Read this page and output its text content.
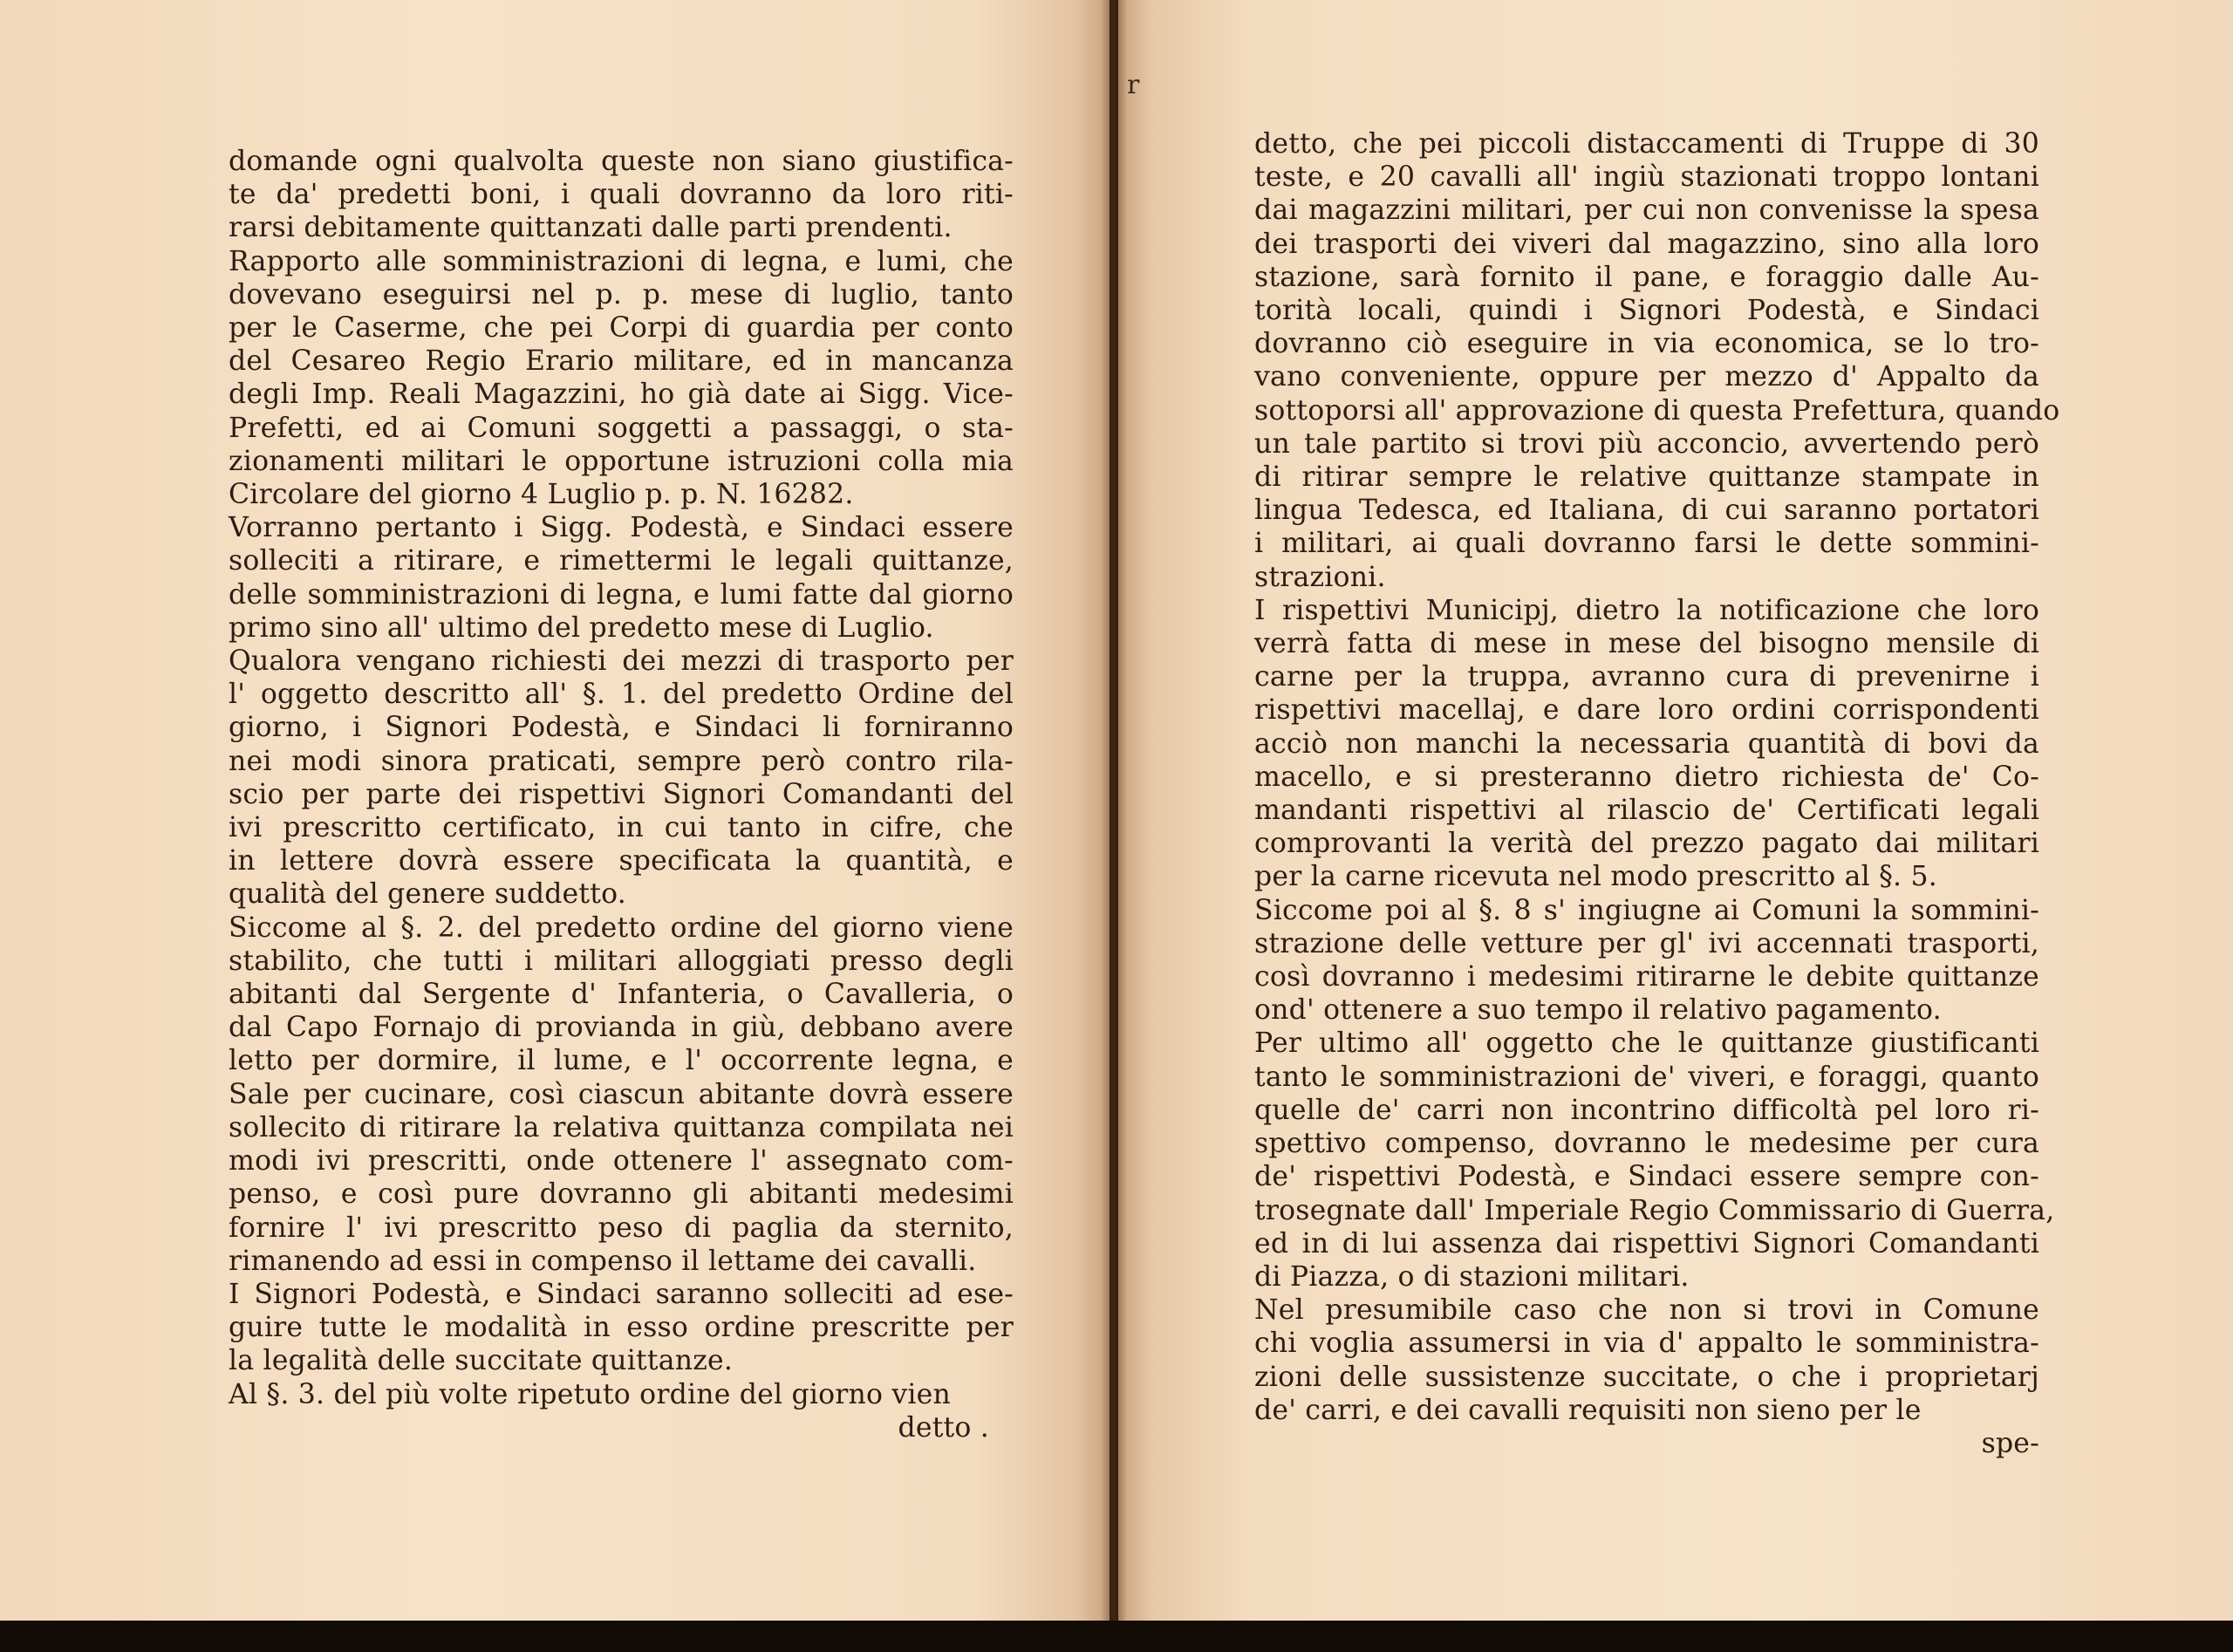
domande ogni qualvolta queste non siano giustifica-
te da' predetti boni, i quali dovranno da loro riti-
rarsi debitamente quittanzati dalle parti prendenti.
Rapporto alle somministrazioni di legna, e lumi, che
dovevano eseguirsi nel p. p. mese di luglio, tanto
per le Caserme, che pei Corpi di guardia per conto
del Cesareo Regio Erario militare, ed in mancanza
degli Imp. Reali Magazzini, ho già date ai Sigg. Vice-
Prefetti, ed ai Comuni soggetti a passaggi, o sta-
zionamenti militari le opportune istruzioni colla mia
Circolare del giorno 4 Luglio p. p. N. 16282.
Vorranno pertanto i Sigg. Podestà, e Sindaci essere
solleciti a ritirare, e rimettermi le legali quittanze,
delle somministrazioni di legna, e lumi fatte dal giorno
primo sino all' ultimo del predetto mese di Luglio.
Qualora vengano richiesti dei mezzi di trasporto per
l' oggetto descritto all' §. 1. del predetto Ordine del
giorno, i Signori Podestà, e Sindaci li forniranno
nei modi sinora praticati, sempre però contro rila-
scio per parte dei rispettivi Signori Comandanti del
ivi prescritto certificato, in cui tanto in cifre, che
in lettere dovrà essere specificata la quantità, e
qualità del genere suddetto.
Siccome al §. 2. del predetto ordine del giorno viene
stabilito, che tutti i militari alloggiati presso degli
abitanti dal Sergente d' Infanteria, o Cavalleria, o
dal Capo Fornajo di provianda in giù, debbano avere
letto per dormire, il lume, e l' occorrente legna, e
Sale per cucinare, così ciascun abitante dovrà essere
sollecito di ritirare la relativa quittanza compilata nei
modi ivi prescritti, onde ottenere l' assegnato com-
penso, e così pure dovranno gli abitanti medesimi
fornire l' ivi prescritto peso di paglia da sternito,
rimanendo ad essi in compenso il lettame dei cavalli.
I Signori Podestà, e Sindaci saranno solleciti ad ese-
guire tutte le modalità in esso ordine prescritte per
la legalità delle succitate quittanze.
Al §. 3. del più volte ripetuto ordine del giorno vien
detto .
r
detto, che pei piccoli distaccamenti di Truppe di 30
teste, e 20 cavalli all' ingiù stazionati troppo lontani
dai magazzini militari, per cui non convenisse la spesa
dei trasporti dei viveri dal magazzino, sino alla loro
stazione, sarà fornito il pane, e foraggio dalle Au-
torità locali, quindi i Signori Podestà, e Sindaci
dovranno ciò eseguire in via economica, se lo tro-
vano conveniente, oppure per mezzo d' Appalto da
sottoporsi all' approvazione di questa Prefettura, quando
un tale partito si trovi più acconcio, avvertendo però
di ritirar sempre le relative quittanze stampate in
lingua Tedesca, ed Italiana, di cui saranno portatori
i militari, ai quali dovranno farsi le dette sommini-
strazioni.
I rispettivi Municipj, dietro la notificazione che loro
verrà fatta di mese in mese del bisogno mensile di
carne per la truppa, avranno cura di prevenirne i
rispettivi macellaj, e dare loro ordini corrispondenti
acciò non manchi la necessaria quantità di bovi da
macello, e si presteranno dietro richiesta de' Co-
mandanti rispettivi al rilascio de' Certificati legali
comprovanti la verità del prezzo pagato dai militari
per la carne ricevuta nel modo prescritto al §. 5.
Siccome poi al §. 8 s' ingiugne ai Comuni la sommini-
strazione delle vetture per gl' ivi accennati trasporti,
così dovranno i medesimi ritirarne le debite quittanze
ond' ottenere a suo tempo il relativo pagamento.
Per ultimo all' oggetto che le quittanze giustificanti
tanto le somministrazioni de' viveri, e foraggi, quanto
quelle de' carri non incontrino difficoltà pel loro ri-
spettivo compenso, dovranno le medesime per cura
de' rispettivi Podestà, e Sindaci essere sempre con-
trosegnate dall' Imperiale Regio Commissario di Guerra,
ed in di lui assenza dai rispettivi Signori Comandanti
di Piazza, o di stazioni militari.
Nel presumibile caso che non si trovi in Comune
chi voglia assumersi in via d' appalto le somministra-
zioni delle sussistenze succitate, o che i proprietarj
de' carri, e dei cavalli requisiti non sieno per le
spe-
